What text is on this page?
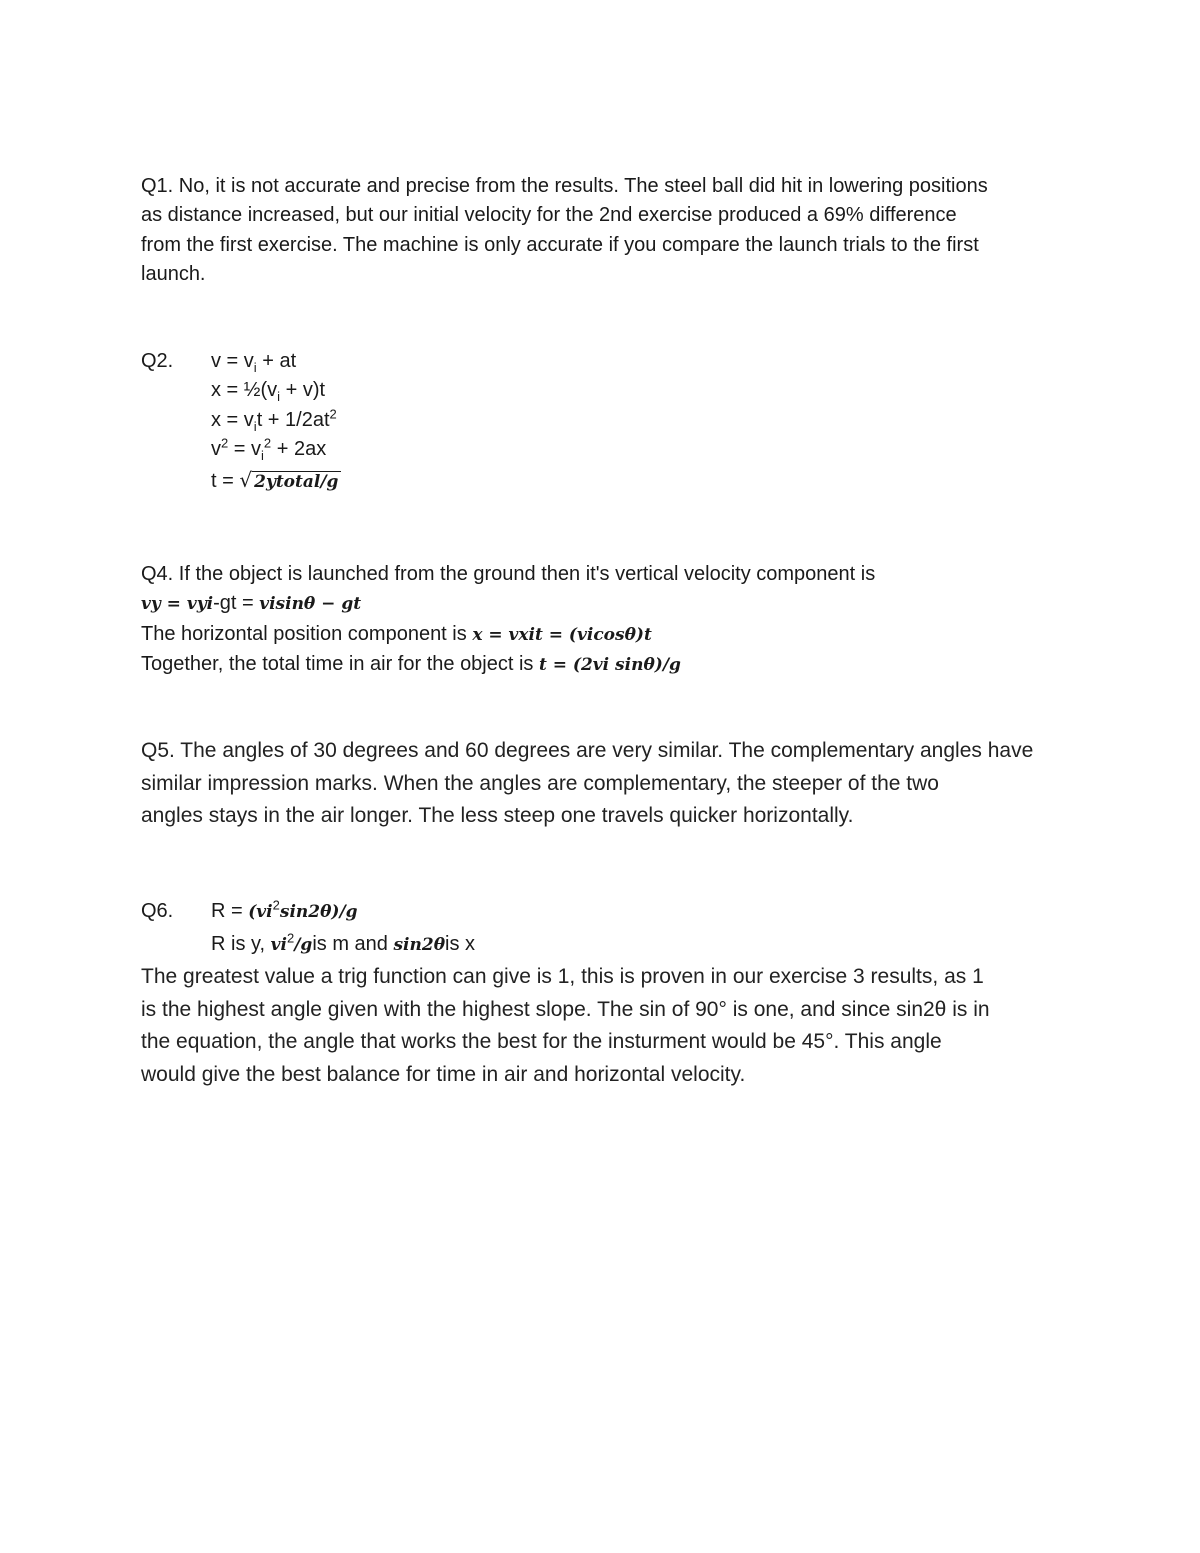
Q1. No, it is not accurate and precise from the results. The steel ball did hit in lowering positions
as distance increased, but our initial velocity for the 2nd exercise produced a 69% difference
from the first exercise. The machine is only accurate if you compare the launch trials to the first
launch.
Q2. $v = v_i$ + at
$x = \frac{1}{2}(v_i + v)t$
$x = v_it + 1/2at^2$
$v^2 = v_i^2 + 2ax$
t = √ 2ytotal/g
Q4. If the object is launched from the ground then it's vertical velocity component is
vy = vyi-gt = visinθ − gt
The horizontal position component is x = vxit = (vicosθ)t
Together, the total time in air for the object is t = (2vi sinθ)/g
Q5. The angles of 30 degrees and 60 degrees are very similar. The complementary angles have
similar impression marks. When the angles are complementary, the steeper of the two
angles stays in the air longer. The less steep one travels quicker horizontally.
Q6. $R = (vi^2\sin 2\theta)/g$
R is y, $vi^2$/gis m and sin2θis x
The greatest value a trig function can give is 1, this is proven in our exercise 3 results, as 1
is the highest angle given with the highest slope. The sin of 90° is one, and since sin2θ is in
the equation, the angle that works the best for the insturment would be 45°. This angle
would give the best balance for time in air and horizontal velocity.
